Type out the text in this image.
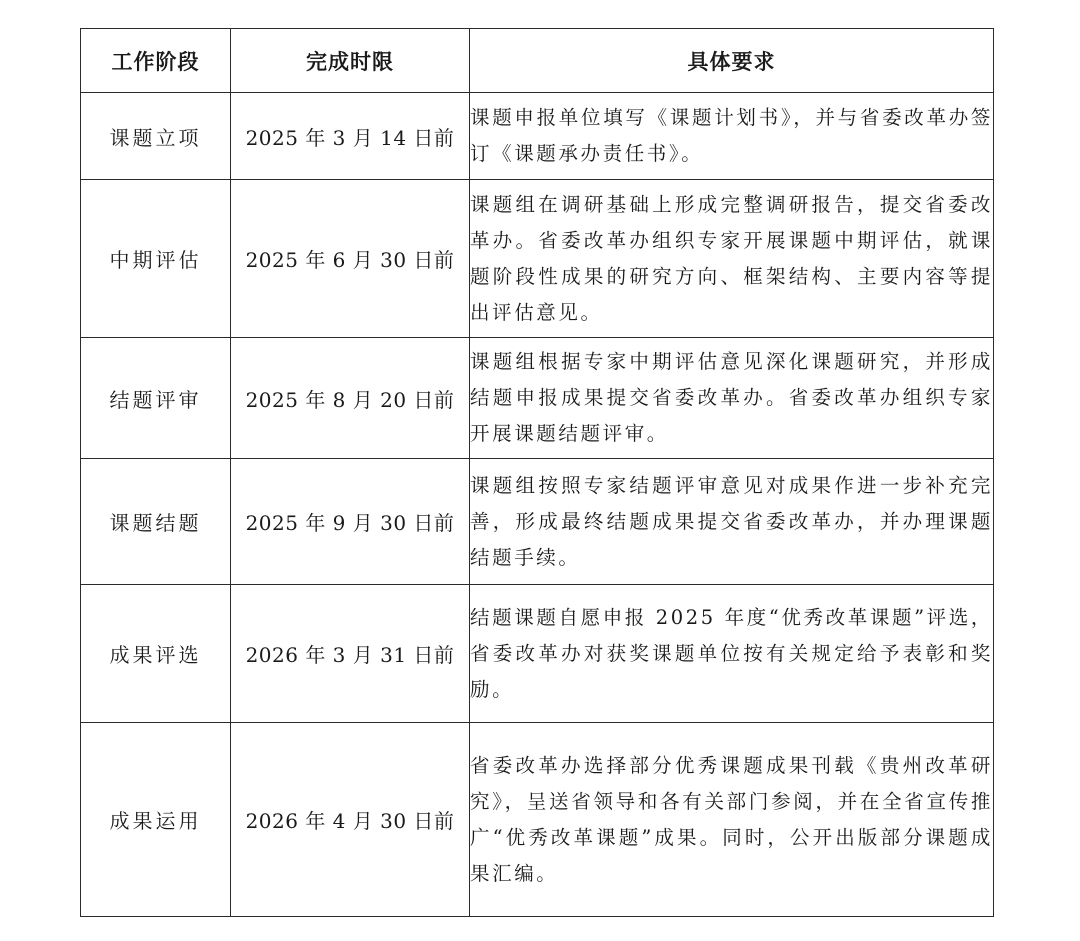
工作阶段	完成时限	具体要求
课题立项	2025 年 3 月 14 日前	课题申报单位填写《课题计划书》，并与省委改革办签订《课题承办责任书》。
中期评估	2025 年 6 月 30 日前	课题组在调研基础上形成完整调研报告，提交省委改革办。省委改革办组织专家开展课题中期评估，就课题阶段性成果的研究方向、框架结构、主要内容等提出评估意见。
结题评审	2025 年 8 月 20 日前	课题组根据专家中期评估意见深化课题研究，并形成结题申报成果提交省委改革办。省委改革办组织专家开展课题结题评审。
课题结题	2025 年 9 月 30 日前	课题组按照专家结题评审意见对成果作进一步补充完善，形成最终结题成果提交省委改革办，并办理课题结题手续。
成果评选	2026 年 3 月 31 日前	结题课题自愿申报 2025 年度“优秀改革课题”评选，省委改革办对获奖课题单位按有关规定给予表彰和奖励。
成果运用	2026 年 4 月 30 日前	省委改革办选择部分优秀课题成果刊载《贵州改革研究》，呈送省领导和各有关部门参阅，并在全省宣传推广“优秀改革课题”成果。同时，公开出版部分课题成果汇编。
